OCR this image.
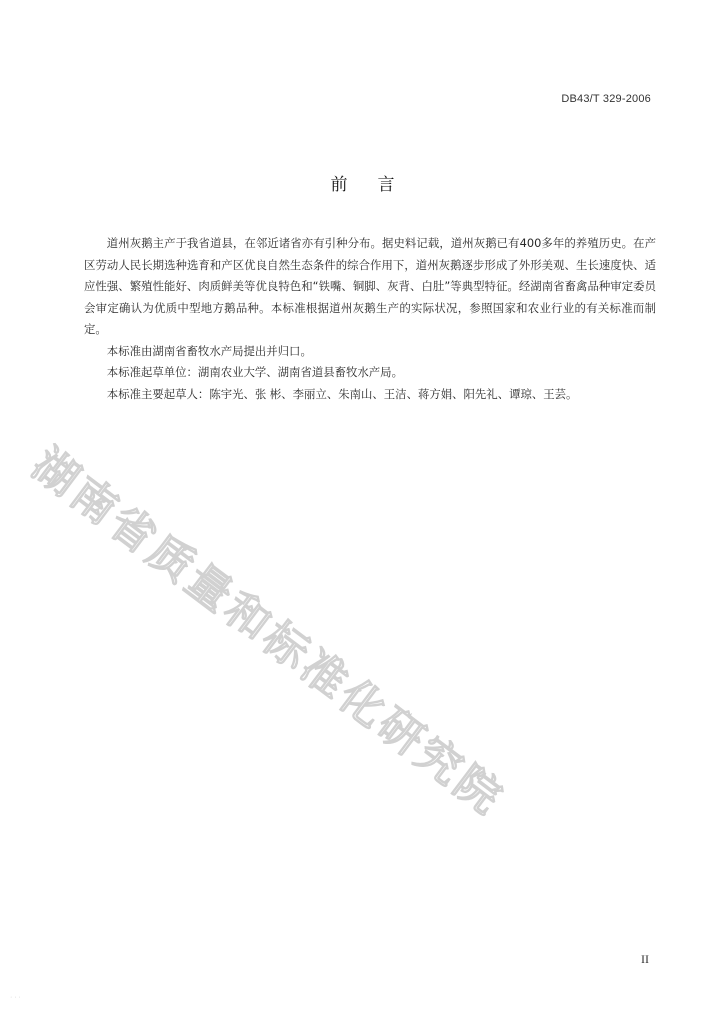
DB43/T 329-2006
前言

道州灰鹅主产于我省道县，在邻近诸省亦有引种分布。据史料记载，道州灰鹅已有400多年的养殖历史。在产区劳动人民长期选种选育和产区优良自然生态条件的综合作用下，道州灰鹅逐步形成了外形美观、生长速度快、适应性强、繁殖性能好、肉质鲜美等优良特色和“铁嘴、铜脚、灰背、白肚”等典型特征。经湖南省畜禽品种审定委员会审定确认为优质中型地方鹅品种。本标准根据道州灰鹅生产的实际状况，参照国家和农业行业的有关标准而制定。

本标准由湖南省畜牧水产局提出并归口。

本标准起草单位：湖南农业大学、湖南省道县畜牧水产局。

本标准主要起草人：陈宇光、张 彬、李丽立、朱南山、王洁、蒋方娟、阳先礼、谭琼、王芸。

湖南省质量和标准化研究院
· · ·
II
